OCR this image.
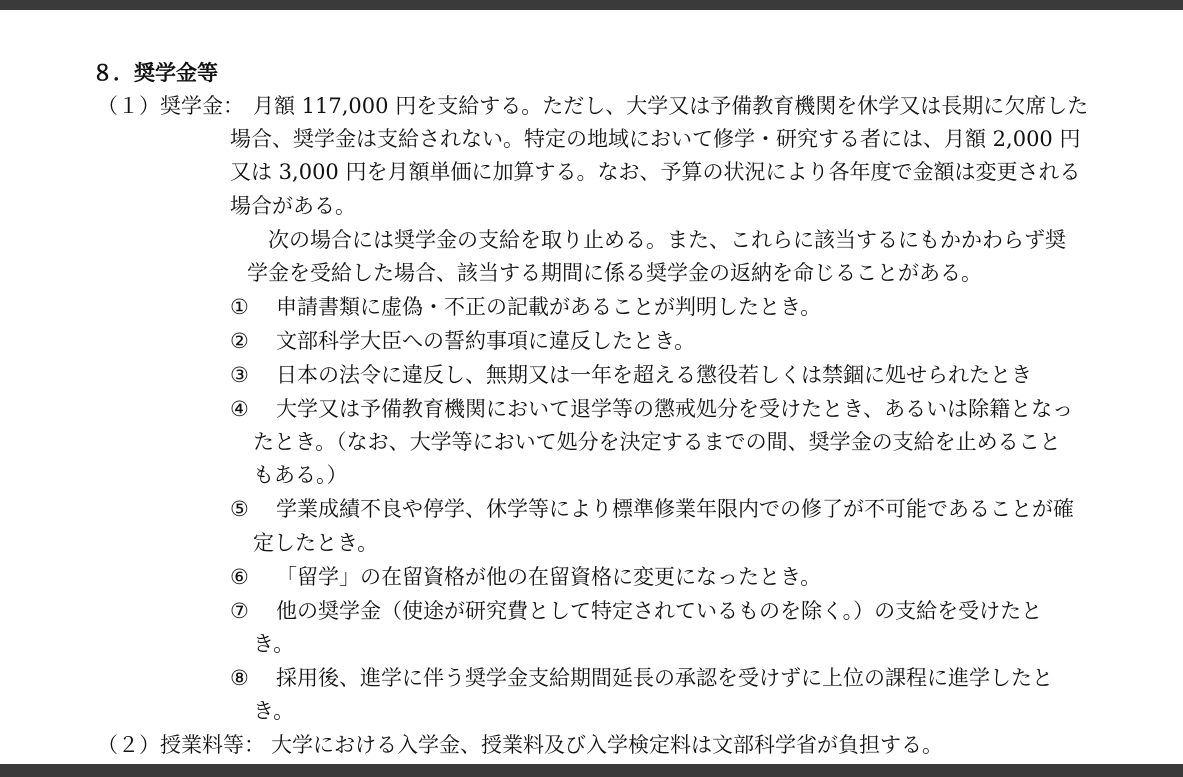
８．奨学金等
（１）奨学金： 月額 117,000 円を支給する。ただし、大学又は予備教育機関を休学又は長期に欠席した
場合、奨学金は支給されない。特定の地域において修学・研究する者には、月額 2,000 円
又は 3,000 円を月額単価に加算する。なお、予算の状況により各年度で金額は変更される
場合がある。
次の場合には奨学金の支給を取り止める。また、これらに該当するにもかかわらず奨
学金を受給した場合、該当する期間に係る奨学金の返納を命じることがある。
① 申請書類に虚偽・不正の記載があることが判明したとき。
② 文部科学大臣への誓約事項に違反したとき。
③ 日本の法令に違反し、無期又は一年を超える懲役若しくは禁錮に処せられたとき
④ 大学又は予備教育機関において退学等の懲戒処分を受けたとき、あるいは除籍となっ
たとき。（なお、大学等において処分を決定するまでの間、奨学金の支給を止めること
もある。）
⑤ 学業成績不良や停学、休学等により標準修業年限内での修了が不可能であることが確
定したとき。
⑥ 「留学」の在留資格が他の在留資格に変更になったとき。
⑦ 他の奨学金（使途が研究費として特定されているものを除く。）の支給を受けたと
き。
⑧ 採用後、進学に伴う奨学金支給期間延長の承認を受けずに上位の課程に進学したと
き。
（２）授業料等： 大学における入学金、授業料及び入学検定料は文部科学省が負担する。
